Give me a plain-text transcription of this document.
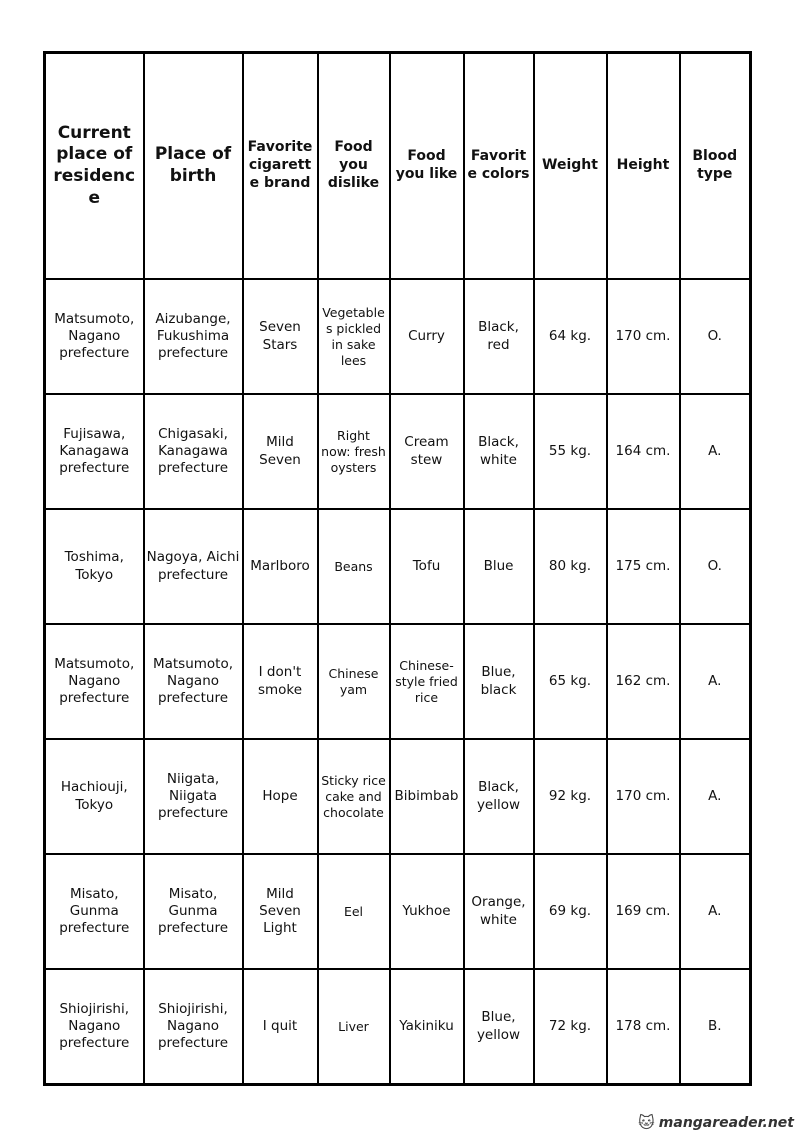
Current place of residence	Place of birth	Favorite cigarette brand	Food you dislike	Food you like	Favorite colors	Weight	Height	Blood type
Matsumoto, Nagano prefecture	Aizubange, Fukushima prefecture	Seven Stars	Vegetables pickled in sake lees	Curry	Black, red	64 kg.	170 cm.	O.
Fujisawa, Kanagawa prefecture	Chigasaki, Kanagawa prefecture	Mild Seven	Right now: fresh oysters	Cream stew	Black, white	55 kg.	164 cm.	A.
Toshima, Tokyo	Nagoya, Aichi prefecture	Marlboro	Beans	Tofu	Blue	80 kg.	175 cm.	O.
Matsumoto, Nagano prefecture	Matsumoto, Nagano prefecture	I don't smoke	Chinese yam	Chinese-style fried rice	Blue, black	65 kg.	162 cm.	A.
Hachiouji, Tokyo	Niigata, Niigata prefecture	Hope	Sticky rice cake and chocolate	Bibimbab	Black, yellow	92 kg.	170 cm.	A.
Misato, Gunma prefecture	Misato, Gunma prefecture	Mild Seven Light	Eel	Yukhoe	Orange, white	69 kg.	169 cm.	A.
Shiojirishi, Nagano prefecture	Shiojirishi, Nagano prefecture	I quit	Liver	Yakiniku	Blue, yellow	72 kg.	178 cm.	B.
🐱︎ mangareader.net
